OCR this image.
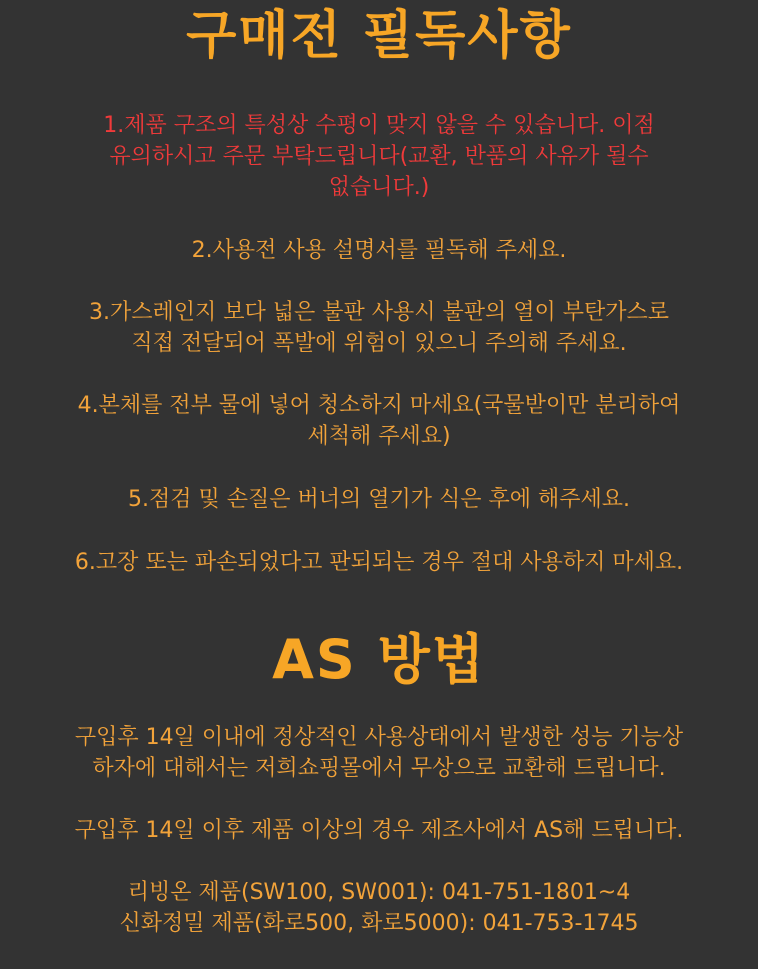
구매전 필독사항
1.제품 구조의 특성상 수평이 맞지 않을 수 있습니다. 이점
유의하시고 주문 부탁드립니다(교환, 반품의 사유가 될수
없습니다.)
2.사용전 사용 설명서를 필독해 주세요.
3.가스레인지 보다 넓은 불판 사용시 불판의 열이 부탄가스로
직접 전달되어 폭발에 위험이 있으니 주의해 주세요.
4.본체를 전부 물에 넣어 청소하지 마세요(국물받이만 분리하여
세척해 주세요)
5.점검 및 손질은 버너의 열기가 식은 후에 해주세요.
6.고장 또는 파손되었다고 판되되는 경우 절대 사용하지 마세요.
AS 방법
구입후 14일 이내에 정상적인 사용상태에서 발생한 성능 기능상
하자에 대해서는 저희쇼핑몰에서 무상으로 교환해 드립니다.
구입후 14일 이후 제품 이상의 경우 제조사에서 AS해 드립니다.
리빙온 제품(SW100, SW001): 041-751-1801~4
신화정밀 제품(화로500, 화로5000): 041-753-1745
